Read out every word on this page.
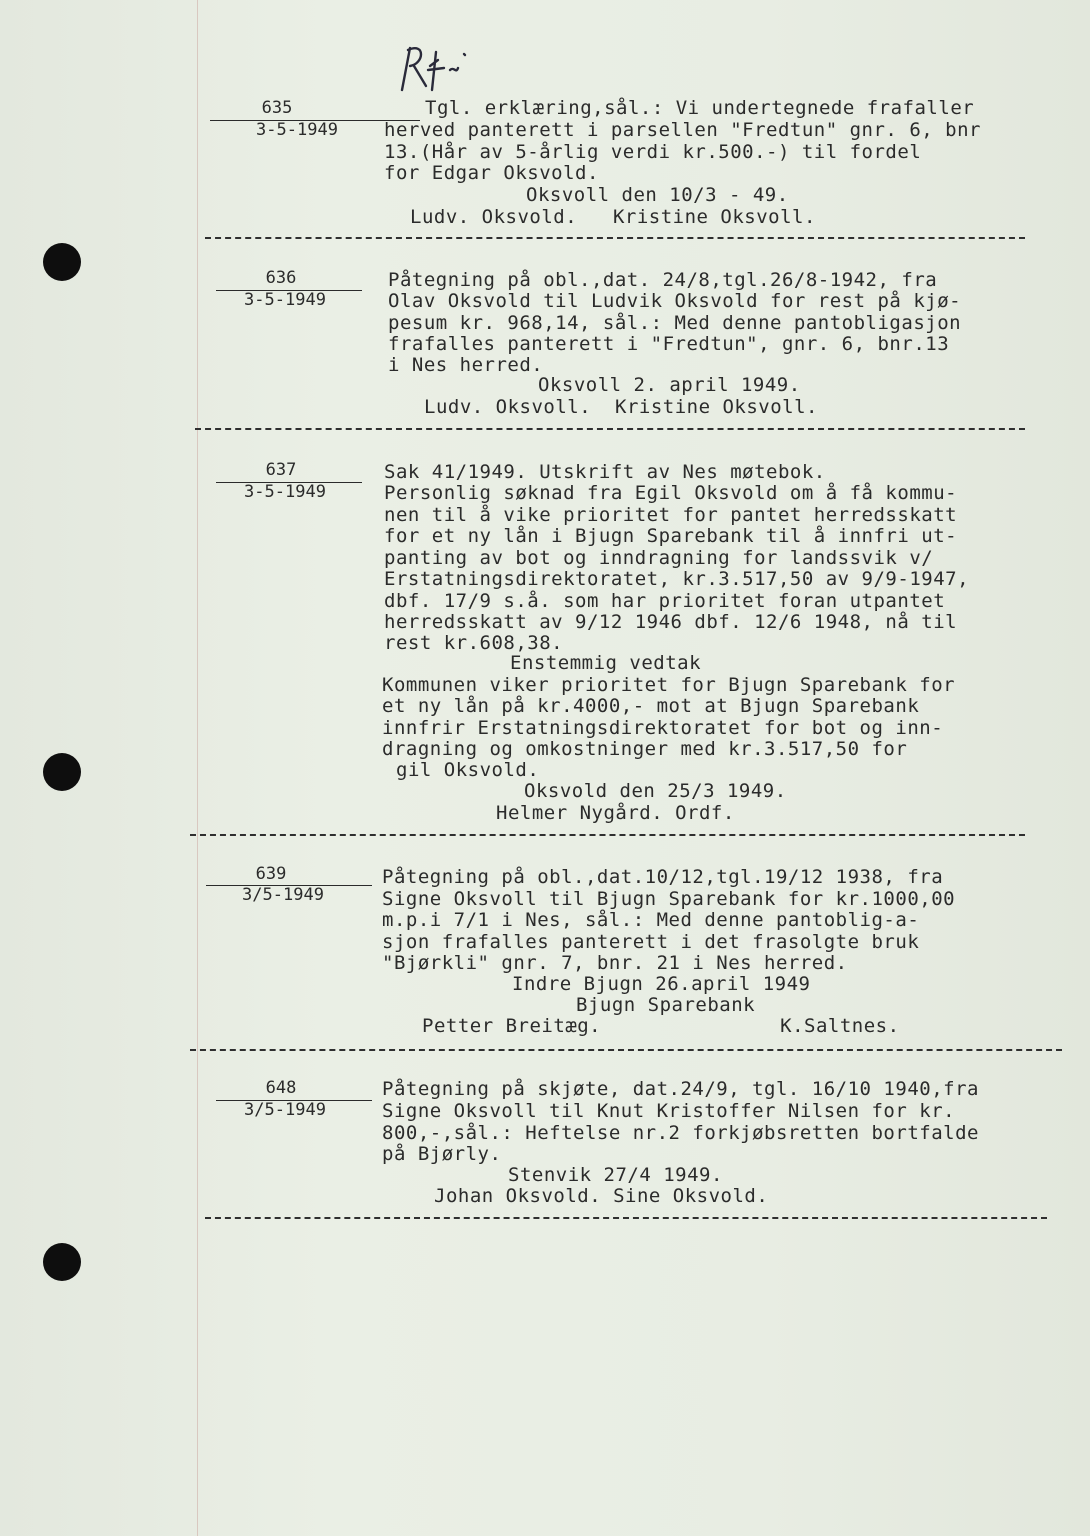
635
3-5-1949
Tgl. erklæring,sål.: Vi undertegnede frafaller
herved panterett i parsellen "Fredtun" gnr. 6, bnr
13.(Hår av 5-årlig verdi kr.500.-) til fordel
for Edgar Oksvold.
Oksvoll den 10/3 - 49.
Ludv. Oksvold.   Kristine Oksvoll.
636
3-5-1949
Påtegning på obl.,dat. 24/8,tgl.26/8-1942, fra
Olav Oksvold til Ludvik Oksvold for rest på kjø-
pesum kr. 968,14, sål.: Med denne pantobligasjon
frafalles panterett i "Fredtun", gnr. 6, bnr.13
i Nes herred.
Oksvoll 2. april 1949.
Ludv. Oksvoll.  Kristine Oksvoll.
637
3-5-1949
Sak 41/1949. Utskrift av Nes møtebok.
Personlig søknad fra Egil Oksvold om å få kommu-
nen til å vike prioritet for pantet herredsskatt
for et ny lån i Bjugn Sparebank til å innfri ut-
panting av bot og inndragning for landssvik v/
Erstatningsdirektoratet, kr.3.517,50 av 9/9-1947,
dbf. 17/9 s.å. som har prioritet foran utpantet
herredsskatt av 9/12 1946 dbf. 12/6 1948, nå til
rest kr.608,38.
Enstemmig vedtak
Kommunen viker prioritet for Bjugn Sparebank for
et ny lån på kr.4000,- mot at Bjugn Sparebank
innfrir Erstatningsdirektoratet for bot og inn-
dragning og omkostninger med kr.3.517,50 for
gil Oksvold.
Oksvold den 25/3 1949.
Helmer Nygård. Ordf.
639
3/5-1949
Påtegning på obl.,dat.10/12,tgl.19/12 1938, fra
Signe Oksvoll til Bjugn Sparebank for kr.1000,00
m.p.i 7/1 i Nes, sål.: Med denne pantoblig-a-
sjon frafalles panterett i det frasolgte bruk
"Bjørkli" gnr. 7, bnr. 21 i Nes herred.
Indre Bjugn 26.april 1949
Bjugn Sparebank
Petter Breitæg.               K.Saltnes.
648
3/5-1949
Påtegning på skjøte, dat.24/9, tgl. 16/10 1940,fra
Signe Oksvoll til Knut Kristoffer Nilsen for kr.
800,-,sål.: Heftelse nr.2 forkjøbsretten bortfalde
på Bjørly.
Stenvik 27/4 1949.
Johan Oksvold. Sine Oksvold.
